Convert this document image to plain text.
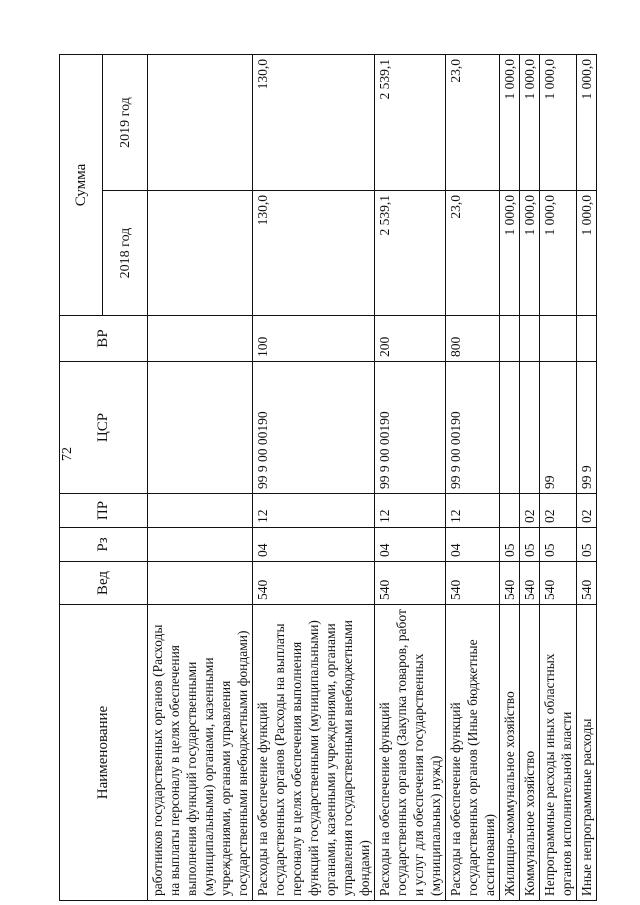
72
Наименование	Вед	Рз	ПР	ЦСР	ВР	Сумма	
						2018 год	2019 год
работников государственных органов (Расходы на выплаты персоналу в целях обеспечения выполнения функций государственными (муниципальными) органами, казенными учреждениями, органами управления государственными внебюджетными фондами)							
Расходы на обеспечение функций государственных органов (Расходы на выплаты персоналу в целях обеспечения выполнения функций государственными (муниципальными) органами, казенными учреждениями, органами управления государственными внебюджетными фондами)	540	04	12	99 9 00 00190	100	130,0	130,0
Расходы на обеспечение функций государственных органов (Закупка товаров, работ и услуг для обеспечения государственных (муниципальных) нужд)	540	04	12	99 9 00 00190	200	2 539,1	2 539,1
Расходы на обеспечение функций государственных органов (Иные бюджетные ассигнования)	540	04	12	99 9 00 00190	800	23,0	23,0
Жилищно-коммунальное хозяйство	540	05				1 000,0	1 000,0
Коммунальное хозяйство	540	05	02			1 000,0	1 000,0
Непрограммные расходы иных областных органов исполнительной власти	540	05	02	99		1 000,0	1 000,0
Иные непрограммные расходы	540	05	02	99 9		1 000,0	1 000,0
